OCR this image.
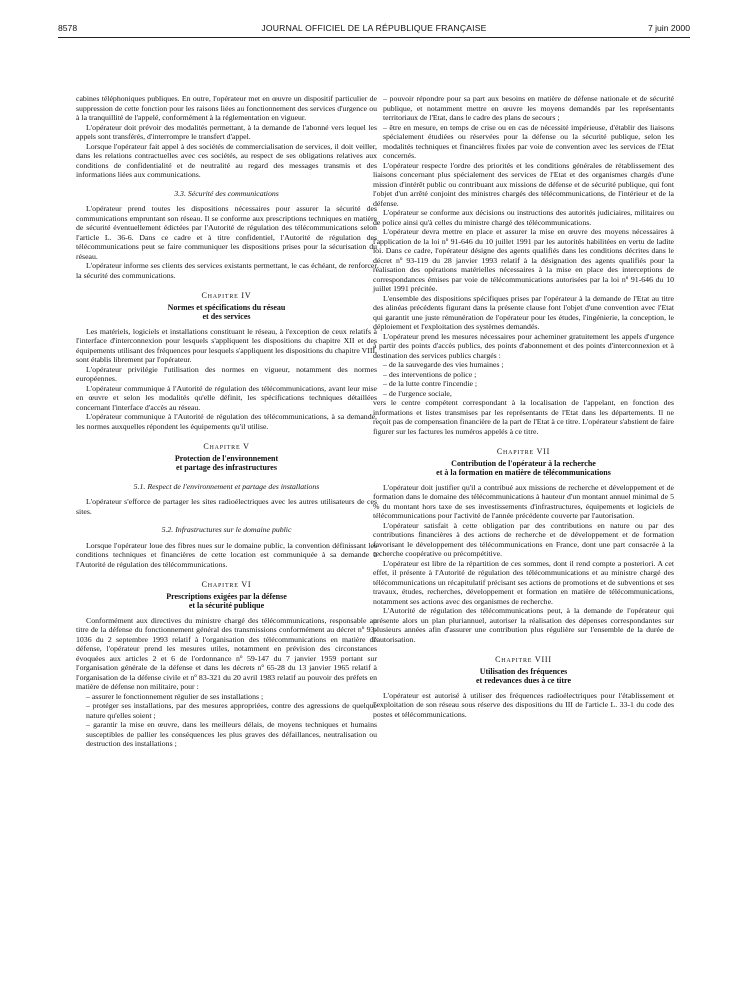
8578	JOURNAL OFFICIEL DE LA RÉPUBLIQUE FRANÇAISE	7 juin 2000

cabines téléphoniques publiques. En outre, l'opérateur met en œuvre un dispositif particulier de suppression de cette fonction pour les raisons liées au fonctionnement des services d'urgence ou à la tranquillité de l'appelé, conformément à la réglementation en vigueur.

L'opérateur doit prévoir des modalités permettant, à la demande de l'abonné vers lequel les appels sont transférés, d'interrompre le transfert d'appel.

Lorsque l'opérateur fait appel à des sociétés de commercialisation de services, il doit veiller, dans les relations contractuelles avec ces sociétés, au respect de ses obligations relatives aux conditions de confidentialité et de neutralité au regard des messages transmis et des informations liées aux communications.

3.3. Sécurité des communications

L'opérateur prend toutes les dispositions nécessaires pour assurer la sécurité des communications empruntant son réseau. Il se conforme aux prescriptions techniques en matière de sécurité éventuellement édictées par l'Autorité de régulation des télécommunications selon l'article L. 36-6. Dans ce cadre et à titre confidentiel, l'Autorité de régulation des télécommunications peut se faire communiquer les dispositions prises pour la sécurisation du réseau.

L'opérateur informe ses clients des services existants permettant, le cas échéant, de renforcer la sécurité des communications.

Chapitre IV
Normes et spécifications du réseau
et des services

Les matériels, logiciels et installations constituant le réseau, à l'exception de ceux relatifs à l'interface d'interconnexion pour lesquels s'appliquent les dispositions du chapitre XII et des équipements utilisant des fréquences pour lesquels s'appliquent les dispositions du chapitre VIII, sont établis librement par l'opérateur.

L'opérateur privilégie l'utilisation des normes en vigueur, notamment des normes européennes.

L'opérateur communique à l'Autorité de régulation des télécommunications, avant leur mise en œuvre et selon les modalités qu'elle définit, les spécifications techniques détaillées concernant l'interface d'accès au réseau.

L'opérateur communique à l'Autorité de régulation des télécommunications, à sa demande, les normes auxquelles répondent les équipements qu'il utilise.

Chapitre V
Protection de l'environnement
et partage des infrastructures
5.1. Respect de l'environnement et partage des installations

L'opérateur s'efforce de partager les sites radioélectriques avec les autres utilisateurs de ces sites.

5.2. Infrastructures sur le domaine public

Lorsque l'opérateur loue des fibres nues sur le domaine public, la convention définissant les conditions techniques et financières de cette location est communiquée à sa demande à l'Autorité de régulation des télécommunications.

Chapitre VI
Prescriptions exigées par la défense
et la sécurité publique

Conformément aux directives du ministre chargé des télécommunications, responsable au titre de la défense du fonctionnement général des transmissions conformément au décret nº 93-1036 du 2 septembre 1993 relatif à l'organisation des télécommunications en matière de défense, l'opérateur prend les mesures utiles, notamment en prévision des circonstances évoquées aux articles 2 et 6 de l'ordonnance nº 59-147 du 7 janvier 1959 portant sur l'organisation générale de la défense et dans les décrets nº 65-28 du 13 janvier 1965 relatif à l'organisation de la défense civile et nº 83-321 du 20 avril 1983 relatif au pouvoir des préfets en matière de défense non militaire, pour :

– assurer le fonctionnement régulier de ses installations ;
– protéger ses installations, par des mesures appropriées, contre des agressions de quelque nature qu'elles soient ;
– garantir la mise en œuvre, dans les meilleurs délais, de moyens techniques et humains susceptibles de pallier les conséquences les plus graves des défaillances, neutralisation ou destruction des installations ;
– pouvoir répondre pour sa part aux besoins en matière de défense nationale et de sécurité publique, et notamment mettre en œuvre les moyens demandés par les représentants territoriaux de l'Etat, dans le cadre des plans de secours ;
– être en mesure, en temps de crise ou en cas de nécessité impérieuse, d'établir des liaisons spécialement étudiées ou réservées pour la défense ou la sécurité publique, selon les modalités techniques et financières fixées par voie de convention avec les services de l'Etat concernés.

L'opérateur respecte l'ordre des priorités et les conditions générales de rétablissement des liaisons concernant plus spécialement des services de l'Etat et des organismes chargés d'une mission d'intérêt public ou contribuant aux missions de défense et de sécurité publique, qui font l'objet d'un arrêté conjoint des ministres chargés des télécommunications, de l'intérieur et de la défense.

L'opérateur se conforme aux décisions ou instructions des autorités judiciaires, militaires ou de police ainsi qu'à celles du ministre chargé des télécommunications.

L'opérateur devra mettre en place et assurer la mise en œuvre des moyens nécessaires à l'application de la loi nº 91-646 du 10 juillet 1991 par les autorités habilitées en vertu de ladite loi. Dans ce cadre, l'opérateur désigne des agents qualifiés dans les conditions décrites dans le décret nº 93-119 du 28 janvier 1993 relatif à la désignation des agents qualifiés pour la réalisation des opérations matérielles nécessaires à la mise en place des interceptions de correspondances émises par voie de télécommunications autorisées par la loi nº 91-646 du 10 juillet 1991 précitée.

L'ensemble des dispositions spécifiques prises par l'opérateur à la demande de l'Etat au titre des alinéas précédents figurant dans la présente clause font l'objet d'une convention avec l'Etat qui garantit une juste rémunération de l'opérateur pour les études, l'ingénierie, la conception, le déploiement et l'exploitation des systèmes demandés.

L'opérateur prend les mesures nécessaires pour acheminer gratuitement les appels d'urgence à partir des points d'accès publics, des points d'abonnement et des points d'interconnexion et à destination des services publics chargés :

– de la sauvegarde des vies humaines ;
– des interventions de police ;
– de la lutte contre l'incendie ;
– de l'urgence sociale,

vers le centre compétent correspondant à la localisation de l'appelant, en fonction des informations et listes transmises par les représentants de l'Etat dans les départements. Il ne reçoit pas de compensation financière de la part de l'Etat à ce titre. L'opérateur s'abstient de faire figurer sur les factures les numéros appelés à ce titre.

Chapitre VII
Contribution de l'opérateur à la recherche
et à la formation en matière de télécommunications

L'opérateur doit justifier qu'il a contribué aux missions de recherche et développement et de formation dans le domaine des télécommunications à hauteur d'un montant annuel minimal de 5 % du montant hors taxe de ses investissements d'infrastructures, équipements et logiciels de télécommunications pour l'activité de l'année précédente couverte par l'autorisation.

L'opérateur satisfait à cette obligation par des contributions en nature ou par des contributions financières à des actions de recherche et de développement et de formation favorisant le développement des télécommunications en France, dont une part consacrée à la recherche coopérative ou précompétitive.

L'opérateur est libre de la répartition de ces sommes, dont il rend compte a posteriori. A cet effet, il présente à l'Autorité de régulation des télécommunications et au ministre chargé des télécommunications un récapitulatif précisant ses actions de promotions et de subventions et ses travaux, études, recherches, développement et formation en matière de télécommunications, notamment ses actions avec des organismes de recherche.

L'Autorité de régulation des télécommunications peut, à la demande de l'opérateur qui présente alors un plan pluriannuel, autoriser la réalisation des dépenses correspondantes sur plusieurs années afin d'assurer une contribution plus régulière sur l'ensemble de la durée de l'autorisation.

Chapitre VIII
Utilisation des fréquences
et redevances dues à ce titre

L'opérateur est autorisé à utiliser des fréquences radioélectriques pour l'établissement et l'exploitation de son réseau sous réserve des dispositions du III de l'article L. 33-1 du code des postes et télécommunications.
